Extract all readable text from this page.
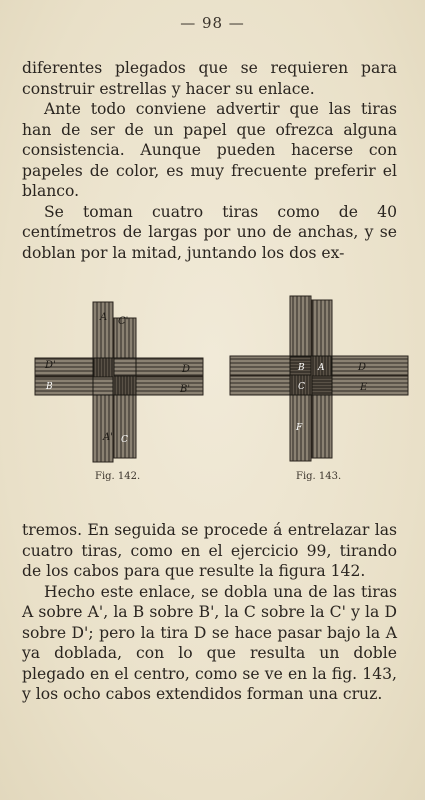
— 98 —

diferentes plegados que se requieren para construir estrellas y hacer su enlace.

Ante todo conviene advertir que las tiras han de ser de un papel que ofrezca alguna consistencia. Aunque pueden hacerse con papeles de color, es muy frecuente preferir el blanco.

Se toman cuatro tiras como de 40 centímetros de largas por uno de anchas, y se doblan por la mitad, juntando los dos ex-

A C'
D'
B
D
B'
A' C
B A	D
C
F
E
Fig. 142.	Fig. 143.

tremos. En seguida se procede á entrelazar las cuatro tiras, como en el ejercicio 99, tirando de los cabos para que resulte la figura 142.

Hecho este enlace, se dobla una de las tiras A sobre A', la B sobre B', la C sobre la C' y la D sobre D'; pero la tira D se hace pasar bajo la A ya doblada, con lo que resulta un doble plegado en el centro, como se ve en la fig. 143, y los ocho cabos extendidos forman una cruz.
